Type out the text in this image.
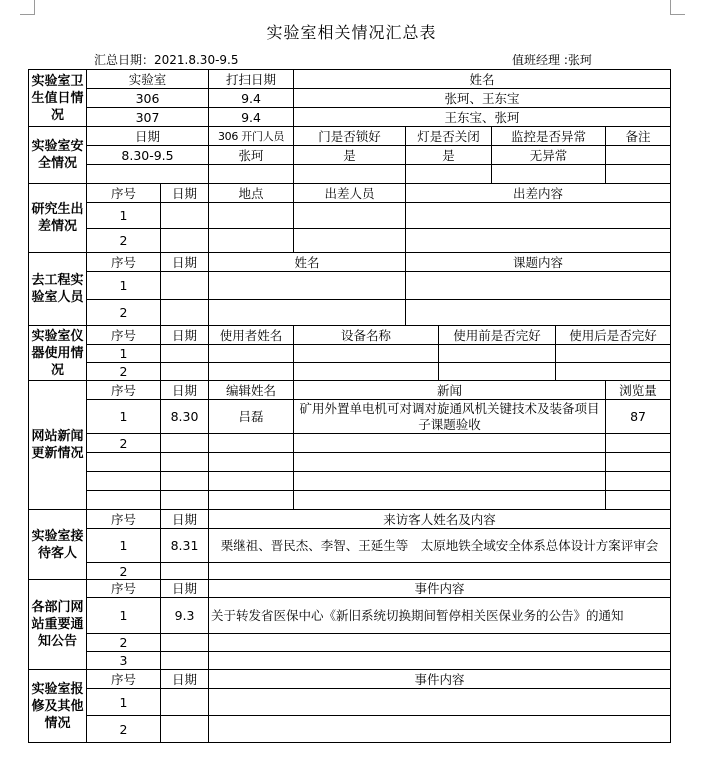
实验室相关情况汇总表
汇总日期：2021.8.30-9.5	值班经理 :张珂
实验室卫生值日情况	实验室		打扫日期	姓名					
	306		9.4	张珂、王东宝					
	307		9.4	王东宝、张珂					
实验室安全情况	日期		306 开门人员	门是否锁好	灯是否关闭		监控是否异常		备注
	8.30-9.5		张珂	是	是		无异常		

研究生出差情况	序号	日期	地点	出差人员	出差内容				
	1								
	2								
去工程实验室人员	序号	日期	姓名		课题内容				
	1								
	2								
实验室仪器使用情况	序号	日期	使用者姓名	设备名称		使用前是否完好		使用后是否完好	
	1								
	2								
网站新闻更新情况	序号	日期	编辑姓名	新闻					浏览量
	1	8.30	吕磊	矿用外置单电机可对调对旋通风机关键技术及装备项目子课题验收					87
	2								

实验室接待客人	序号	日期	来访客人姓名及内容						
	1	8.31	栗继祖、晋民杰、李智、王延生等　太原地铁全域安全体系总体设计方案评审会						
	2								
各部门网站重要通知公告	序号	日期	事件内容						
	1	9.3	关于转发省医保中心《新旧系统切换期间暂停相关医保业务的公告》的通知						
	2								
	3								
实验室报修及其他情况	序号	日期	事件内容						
	1								
	2								
